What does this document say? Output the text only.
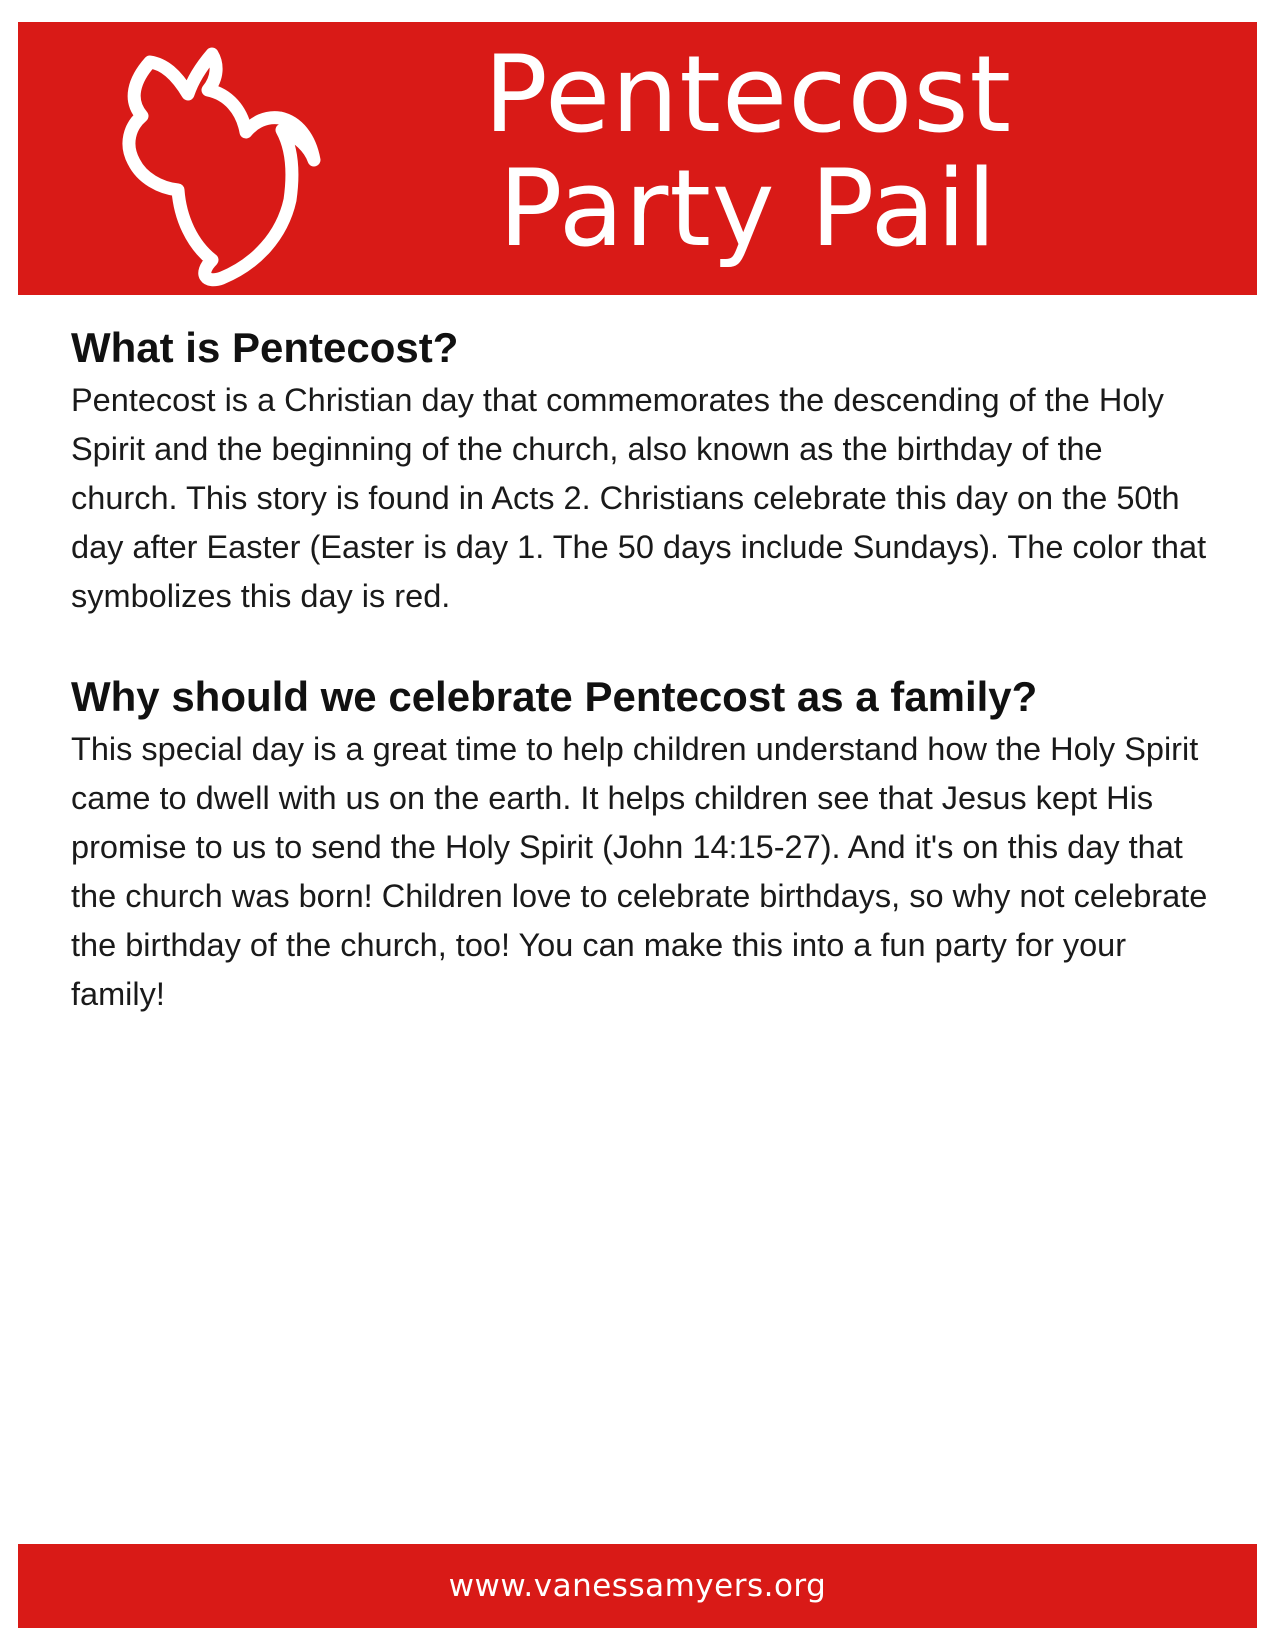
Pentecost
Party Pail
What is Pentecost?

Pentecost is a Christian day that commemorates the descending of the Holy Spirit and the beginning of the church, also known as the birthday of the church. This story is found in Acts 2. Christians celebrate this day on the 50th day after Easter (Easter is day 1. The 50 days include Sundays). The color that symbolizes this day is red.

Why should we celebrate Pentecost as a family?

This special day is a great time to help children understand how the Holy Spirit came to dwell with us on the earth. It helps children see that Jesus kept His promise to us to send the Holy Spirit (John 14:15-27). And it's on this day that the church was born! Children love to celebrate birthdays, so why not celebrate the birthday of the church, too! You can make this into a fun party for your family!

www.vanessamyers.org
